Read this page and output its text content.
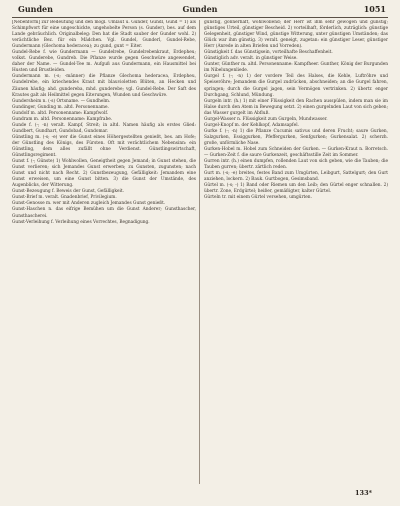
Gunden	Gunden	1051
[Nebenform] zur Bedeutung und den mögl. Umlaut u. Gunder, Gundl, Gund = 1) als Schimpfwort für eine ungeschickte, ungehobelte Person (s. Gunder), bes. auf dem Lande gebräuchlich. Originalbeleg: Den hat die Stadt sauber der Gunder wohl. 2) verächtliche Bez. für ein Mädchen. Vgl. Gundel, Gunderl, Gundel-Rebe, Gundermann (Glechoma hederacea); zu gund, gunt = Eiter.
Gundel-Rebe f. wie Gundermann — Gundelrebe, Gundelrebenkraut, Erdepheu; volkst. Gunderebe, Gundreb. Die Pflanze wurde gegen Geschwüre angewendet, daher der Name. — Gundel-Tee m. Aufguß aus Gundermann, ein Hausmittel bei Husten und Brustleiden.
Gundermann m. (-s; -männer) die Pflanze Glechoma hederacea, Erdepheu, Gundelrebe, ein kriechendes Kraut mit blauvioletten Blüten, an Hecken und Zäunen häufig; ahd. gundereba, mhd. gunderebe; vgl. Gundel-Rebe. Der Saft des Krautes galt als Heilmittel gegen Eiterungen, Wunden und Geschwüre.
Gundersheim n. (-s) Ortsname. — Gundhelm.
Gundinger, Gunding m. altd. Personenname.
Gundolf m. altd. Personenname: Kampfwolf.
Gundram m. altd. Personenname: Kampfrabe.
Gunde f. (-; -n) veralt. Kampf, Streit; in altd. Namen häufig als erstes Glied: Gundbert, Gundhart, Gundobad, Gundomar.
Günstling m. (-s; -e) wer die Gunst eines Höhergestellten genießt, bes. am Hofe; der Günstling des Königs, des Fürsten. Oft mit verächtlichem Nebensinn: ein Günstling, dem alles zufällt ohne Verdienst. Günstlingswirtschaft, Günstlingsregiment.
Gunst f. (-; Günste) 1) Wohlwollen, Geneigtheit gegen Jemand; in Gunst stehen, die Gunst verlieren; sich Jemandes Gunst erwerben; zu Gunsten, zugunsten; nach Gunst und nicht nach Recht. 2) Gunstbezeugung, Gefälligkeit: Jemandem eine Gunst erweisen, um eine Gunst bitten. 3) die Gunst der Umstände, des Augenblicks, der Witterung.
Gunst-Bezeugung f. Beweis der Gunst, Gefälligkeit.
Gunst-Brief m. veralt. Gnadenbrief, Privilegium.
Gunst-Genosse m. wer mit Anderen zugleich Jemandes Gunst genießt.
Gunst-Haschen n. das eifrige Bemühen um die Gunst Anderer; Gunsthascher, Gunsthascherei.
Gunst-Verleihung f. Verleihung eines Vorrechtes, Begnadigung.
gunstig, gönnerhaft, wohlwollend; der Herr ist ihm sehr gewogen und gunstig; günstiges Urteil, günstiger Bescheid. 2) vorteilhaft, förderlich, zuträglich: günstige Gelegenheit, günstiger Wind, günstige Witterung, unter günstigen Umständen; das Glück war ihm günstig. 3) veralt. geneigt, zugetan: ein günstiger Leser, günstiger Herr (Anrede in alten Briefen und Vorreden).
Günstigkeit f. das Günstigsein, vorteilhafte Beschaffenheit.
Günstiglich adv. veralt. in günstiger Weise.
Gunter, Günther m. altd. Personenname: Kampfheer. Gunther, König der Burgunden im Nibelungenliede.
Gurgel f. (-; -n) 1) der vordere Teil des Halses, die Kehle, Luftröhre und Speiseröhre; Jemandem die Gurgel zudrücken, abschneiden; an die Gurgel fahren, springen; durch die Gurgel jagen, sein Vermögen vertrinken. 2) übertr. enger Durchgang, Schlund, Mündung.
Gurgeln intr. (h.) 1) mit einer Flüssigkeit den Rachen ausspülen, indem man sie im Halse durch den Atem in Bewegung setzt. 2) einen gurgelnden Laut von sich geben; das Wasser gurgelt im Abfluß.
Gurgel-Wasser n. Flüssigkeit zum Gurgeln, Mundwasser.
Gurgel-Knopf m. der Kehlkopf, Adamsapfel.
Gurke f. (-; -n) 1) die Pflanze Cucumis sativus und deren Frucht; saure Gurken, Salzgurken, Essiggurken, Pfeffergurken, Senfgurken; Gurkensalat. 2) scherzh. große, unförmliche Nase.
Gurken-Hobel m. Hobel zum Schneiden der Gurken. — Gurken-Kraut n. Borretsch. — Gurken-Zeit f. die saure Gurkenzeit, geschäftsstille Zeit im Sommer.
Gurren intr. (h.) einen dumpfen, rollenden Laut von sich geben, wie die Tauben; die Tauben gurren; übertr. zärtlich reden.
Gurt m. (-s; -e) breites, festes Band zum Umgürten, Leibgurt, Sattelgurt; den Gurt anziehen, lockern. 2) Bauk. Gurtbogen, Gesimsband.
Gürtel m. (-s; -) 1) Band oder Riemen um den Leib; den Gürtel enger schnallen. 2) übertr. Zone, Erdgürtel; heißer, gemäßigter, kalter Gürtel.
Gürteln tr. mit einem Gürtel versehen, umgürten.
133*
